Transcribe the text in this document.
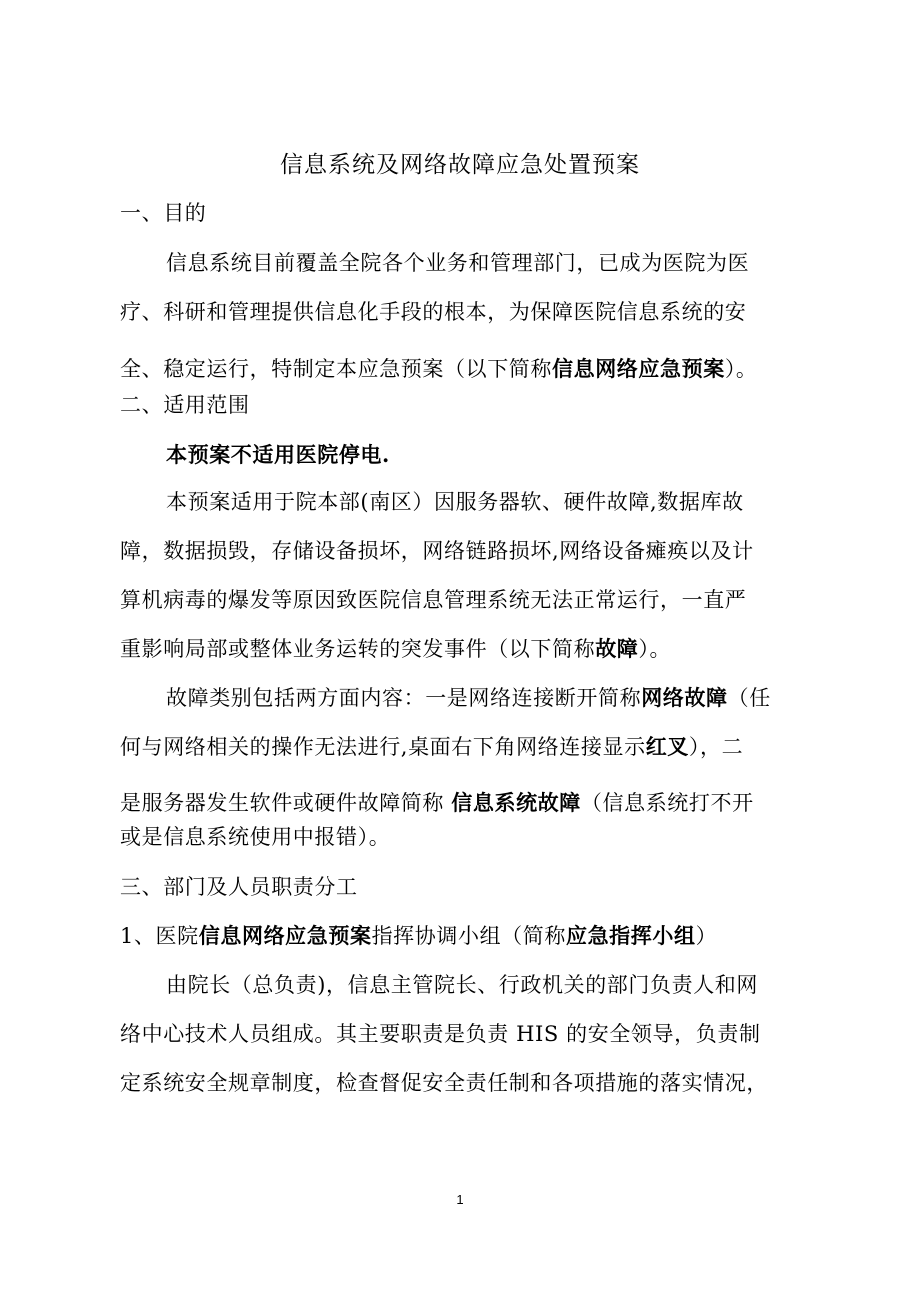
信息系统及网络故障应急处置预案
一、目的
信息系统目前覆盖全院各个业务和管理部门，已成为医院为医
疗、科研和管理提供信息化手段的根本，为保障医院信息系统的安
全、稳定运行，特制定本应急预案（以下简称信息网络应急预案）。
二、适用范围
本预案不适用医院停电.
本预案适用于院本部(南区）因服务器软、硬件故障,数据库故
障，数据损毁，存储设备损坏，网络链路损坏,网络设备瘫痪以及计
算机病毒的爆发等原因致医院信息管理系统无法正常运行，一直严
重影响局部或整体业务运转的突发事件（以下简称故障）。
故障类别包括两方面内容：一是网络连接断开简称网络故障（任
何与网络相关的操作无法进行,桌面右下角网络连接显示红叉），二
是服务器发生软件或硬件故障简称 信息系统故障（信息系统打不开
或是信息系统使用中报错）。
三、部门及人员职责分工
1、医院信息网络应急预案指挥协调小组（简称应急指挥小组）
由院长（总负责)，信息主管院长、行政机关的部门负责人和网
络中心技术人员组成。其主要职责是负责 HIS 的安全领导，负责制
定系统安全规章制度，检查督促安全责任制和各项措施的落实情况，
1
